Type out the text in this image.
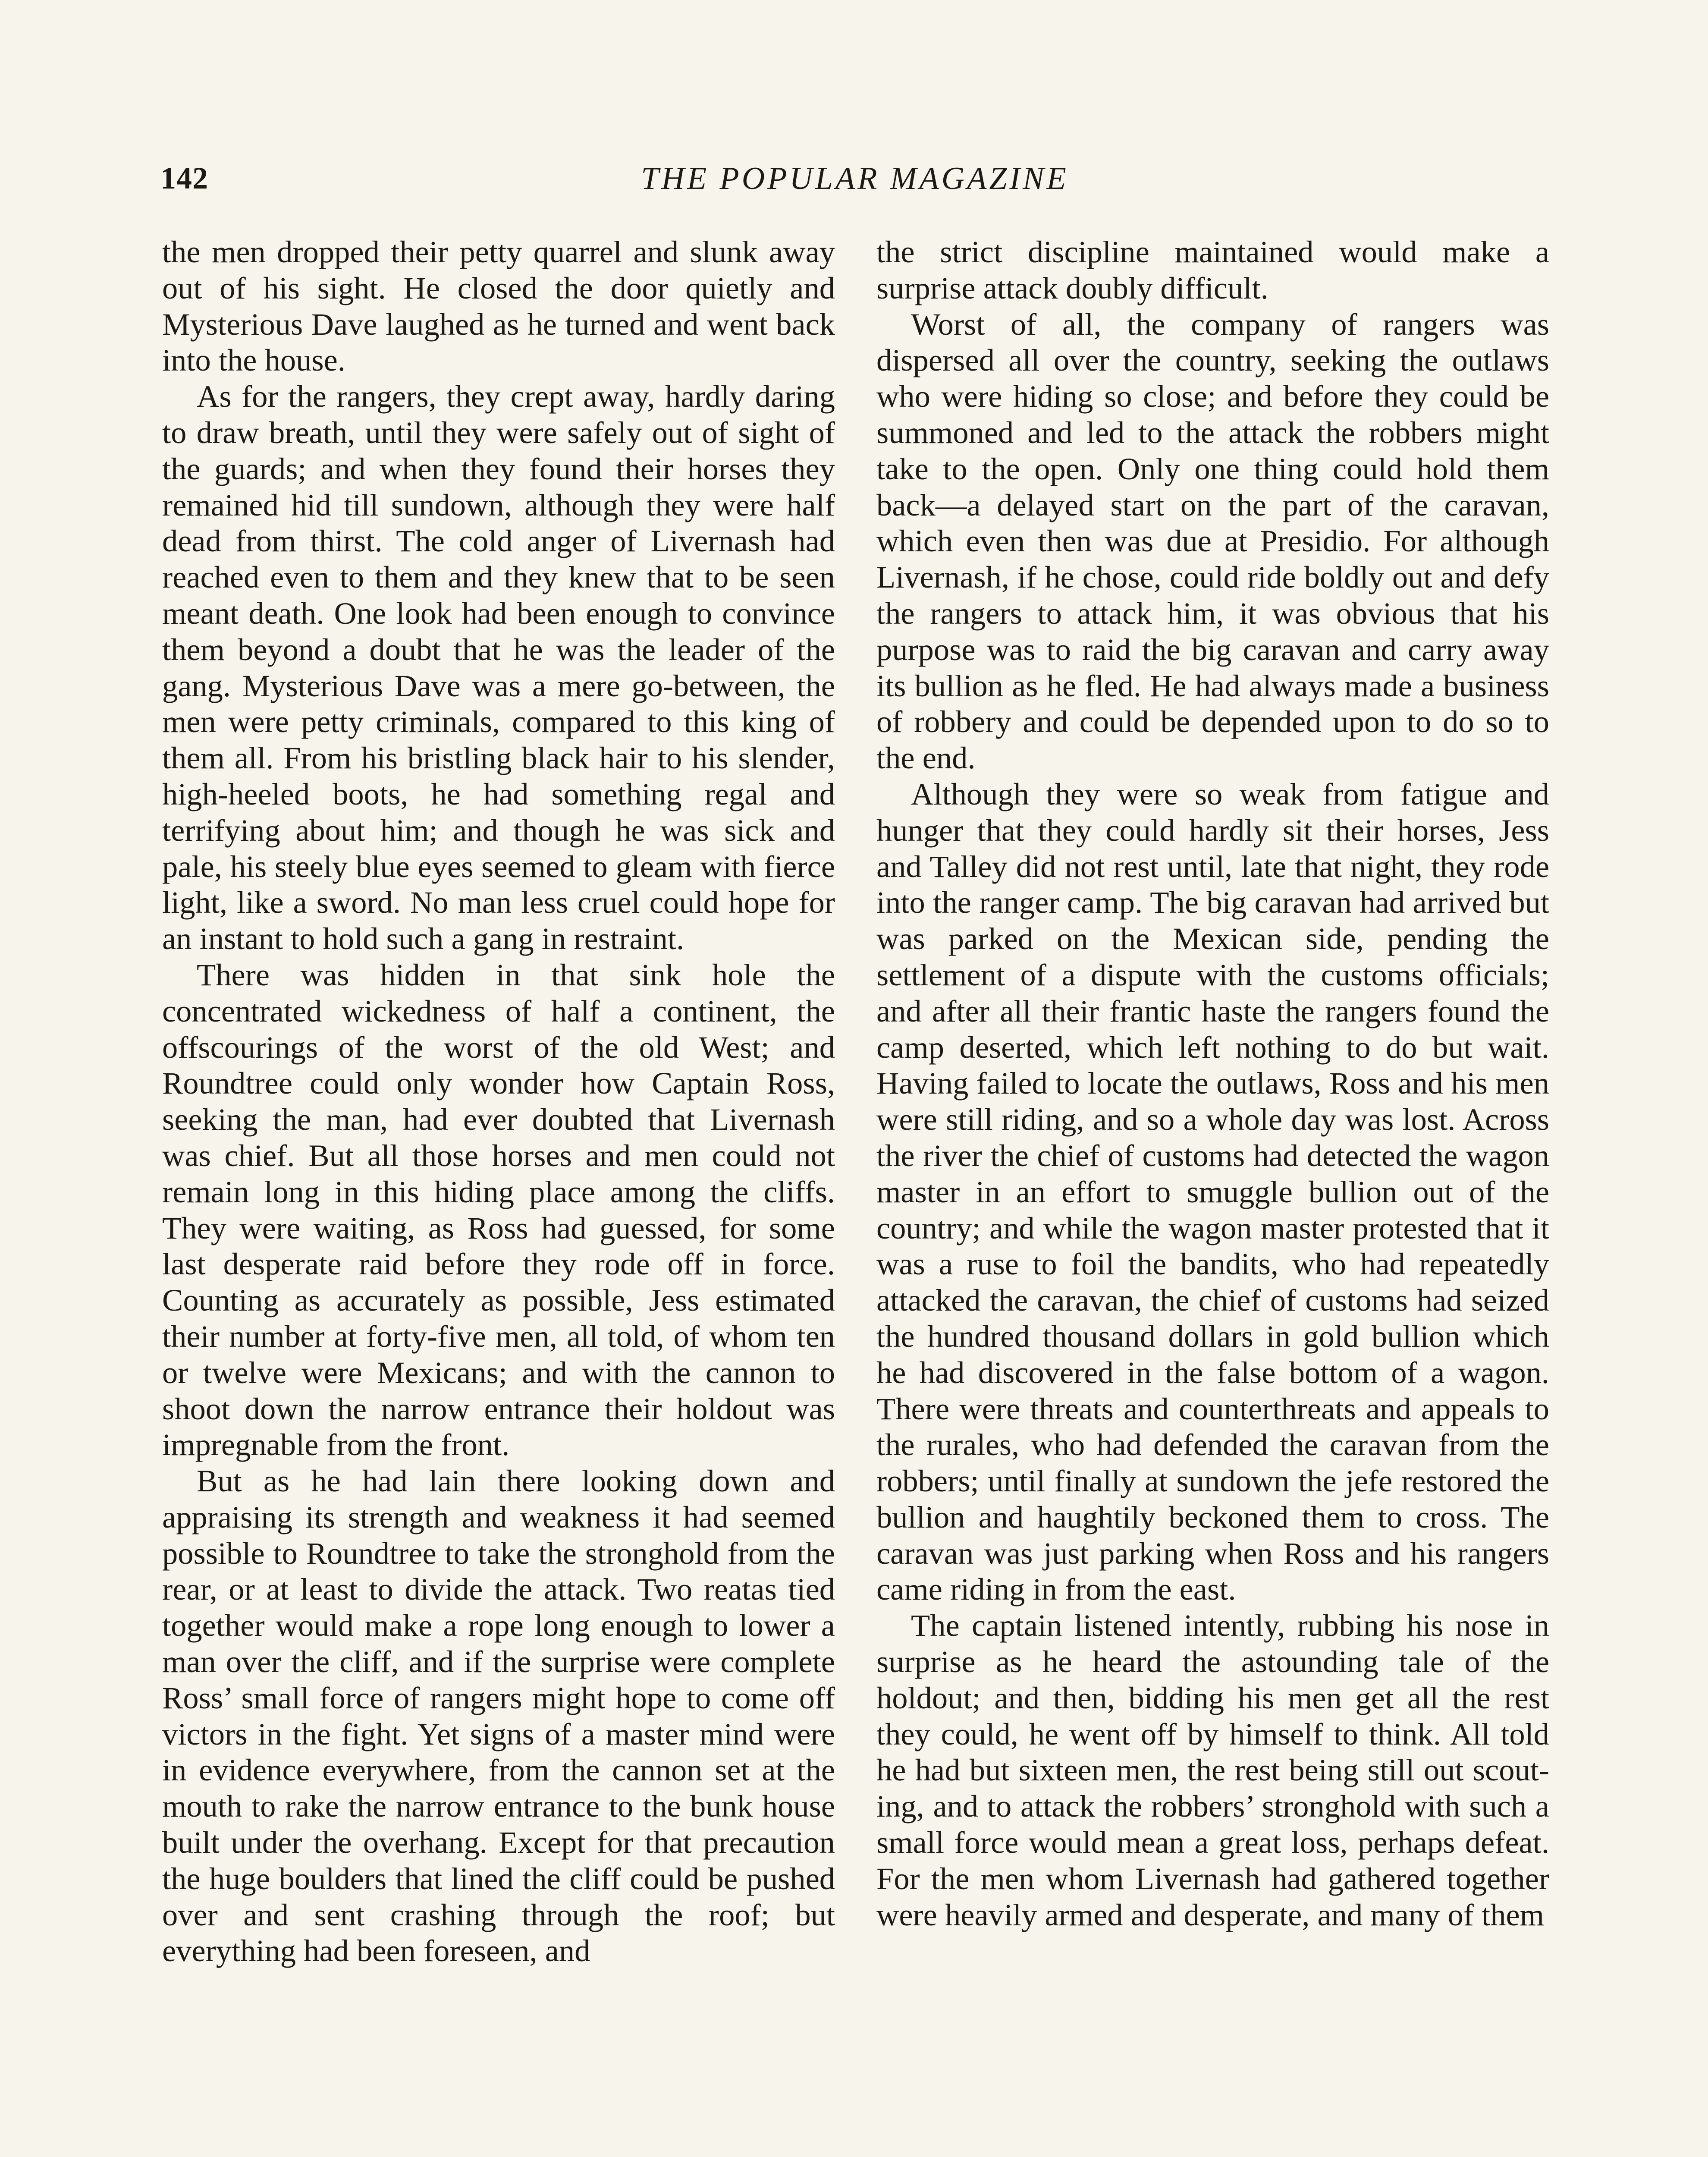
142	THE POPULAR MAGAZINE

the men dropped their petty quarrel and slunk away out of his sight. He closed the door quietly and Mysterious Dave laughed as he turned and went back into the house.

As for the rangers, they crept away, hardly daring to draw breath, until they were safely out of sight of the guards; and when they found their horses they remained hid till sundown, although they were half dead from thirst. The cold anger of Livernash had reached even to them and they knew that to be seen meant death. One look had been enough to convince them beyond a doubt that he was the leader of the gang. Mysterious Dave was a mere go-between, the men were petty criminals, compared to this king of them all. From his bristling black hair to his slender, high-heeled boots, he had something regal and terrifying about him; and though he was sick and pale, his steely blue eyes seemed to gleam with fierce light, like a sword. No man less cruel could hope for an instant to hold such a gang in restraint.

There was hidden in that sink hole the concentrated wickedness of half a continent, the offscourings of the worst of the old West; and Roundtree could only wonder how Captain Ross, seeking the man, had ever doubted that Livernash was chief. But all those horses and men could not remain long in this hiding place among the cliffs. They were waiting, as Ross had guessed, for some last desperate raid before they rode off in force. Counting as accurately as possible, Jess estimated their number at forty-five men, all told, of whom ten or twelve were Mexicans; and with the cannon to shoot down the narrow entrance their holdout was impregnable from the front.

But as he had lain there looking down and appraising its strength and weakness it had seemed possible to Roundtree to take the stronghold from the rear, or at least to divide the attack. Two reatas tied together would make a rope long enough to lower a man over the cliff, and if the surprise were complete Ross’ small force of rangers might hope to come off victors in the fight. Yet signs of a master mind were in evidence everywhere, from the cannon set at the mouth to rake the narrow entrance to the bunk house built under the overhang. Except for that precaution the huge boulders that lined the cliff could be pushed over and sent crashing through the roof; but everything had been foreseen, and

the strict discipline maintained would make a surprise attack doubly difficult.

Worst of all, the company of rangers was dispersed all over the country, seeking the outlaws who were hiding so close; and before they could be summoned and led to the attack the robbers might take to the open. Only one thing could hold them back—a delayed start on the part of the caravan, which even then was due at Presidio. For although Livernash, if he chose, could ride boldly out and defy the rangers to attack him, it was obvious that his purpose was to raid the big caravan and carry away its bullion as he fled. He had always made a business of robbery and could be depended upon to do so to the end.

Although they were so weak from fatigue and hunger that they could hardly sit their horses, Jess and Talley did not rest until, late that night, they rode into the ranger camp. The big caravan had arrived but was parked on the Mexican side, pending the settlement of a dispute with the customs officials; and after all their frantic haste the rangers found the camp deserted, which left nothing to do but wait. Having failed to locate the outlaws, Ross and his men were still riding, and so a whole day was lost. Across the river the chief of customs had detected the wagon master in an effort to smuggle bullion out of the country; and while the wagon master protested that it was a ruse to foil the bandits, who had repeatedly attacked the caravan, the chief of customs had seized the hundred thousand dollars in gold bullion which he had discovered in the false bottom of a wagon. There were threats and counterthreats and appeals to the rurales, who had defended the caravan from the robbers; until finally at sundown the jefe restored the bullion and haughtily beckoned them to cross. The caravan was just parking when Ross and his rangers came riding in from the east.

The captain listened intently, rubbing his nose in surprise as he heard the astounding tale of the holdout; and then, bidding his men get all the rest they could, he went off by himself to think. All told he had but sixteen men, the rest being still out scouting, and to attack the robbers’ stronghold with such a small force would mean a great loss, perhaps defeat. For the men whom Livernash had gathered together were heavily armed and desperate, and many of them
